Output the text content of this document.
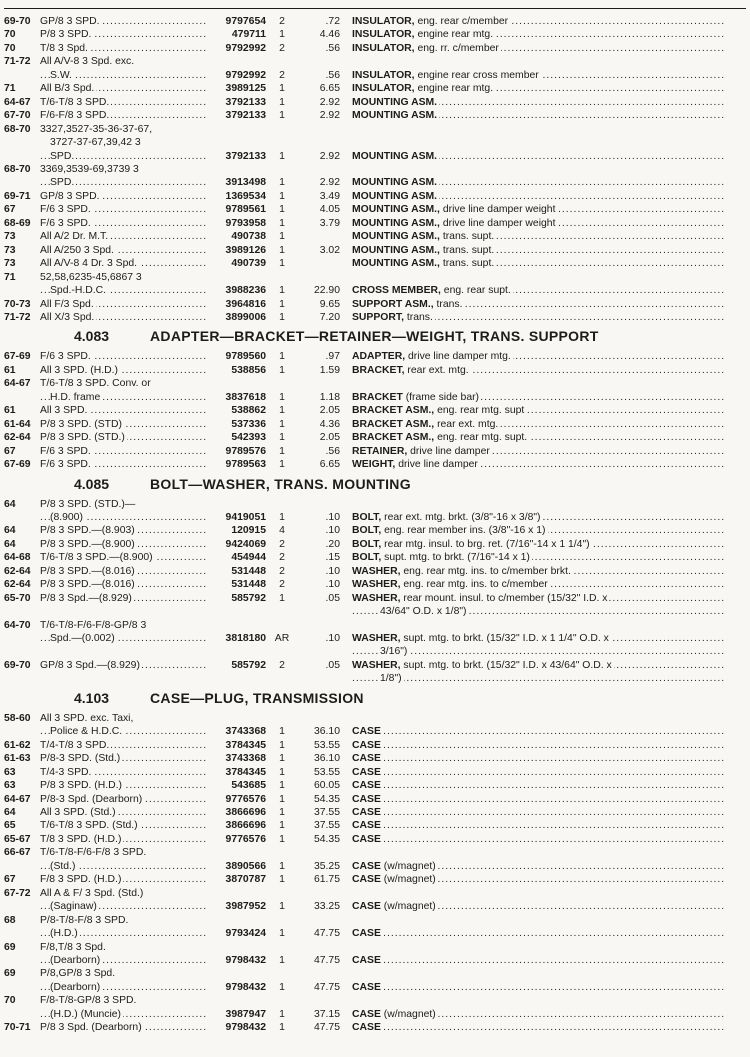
69-70 GP/8 3 SPD. .....	9797654	2	.72	INSULATOR, eng. rear c/member .....
70	P/8 3 SPD. .....	479711	1	4.46	INSULATOR, engine rear mtg. .....
70	T/8 3 Spd. .....	9792992	2	.56	INSULATOR, eng. rr. c/member .....
71-72 All A/V-8 3 Spd. exc.
S.W. .....	9792992	2	.56	INSULATOR, engine rear cross member .....
71	All B/3 Spd. .....	3989125	1	6.65	INSULATOR, engine rear mtg. .....
64-67 T/6-T/8 3 SPD. .....	3792133	1	2.92	MOUNTING ASM. .....
67-70 F/6-F/8 3 SPD. .....	3792133	1	2.92	MOUNTING ASM. .....
68-70 3327,3527-35-36-37-67,
3727-37-67,39,42 3
SPD. .....	3792133	1	2.92	MOUNTING ASM. .....
68-70 3369,3539-69,3739 3
SPD. .....	3913498	1	2.92	MOUNTING ASM. .....
69-71 GP/8 3 SPD. .....	1369534	1	3.49	MOUNTING ASM. .....
67	F/6 3 SPD. .....	9789561	1	4.05	MOUNTING ASM., drive line damper weight .....
68-69 F/6 3 SPD. .....	9793958	1	3.79	MOUNTING ASM., drive line damper weight .....
73	All A/2 Dr. M.T. .....	490738	1	MOUNTING ASM., trans. supt. .....
73	All A/250 3 Spd. .....	3989126	1	3.02	MOUNTING ASM., trans. supt. .....
73	All A/V-8 4 Dr. 3 Spd. .....	490739	1	MOUNTING ASM., trans. supt. .....
71	52,58,6235-45,6867 3
Spd.-H.D.C. .....	3988236	1	22.90	CROSS MEMBER, eng. rear supt. .....
70-73 All F/3 Spd. .....	3964816	1	9.65	SUPPORT ASM., trans. .....
71-72 All X/3 Spd. .....	3899006	1	7.20	SUPPORT, trans. .....
4.083	ADAPTER—BRACKET—RETAINER—WEIGHT, TRANS. SUPPORT
67-69 F/6 3 SPD. .....	9789560	1	.97	ADAPTER, drive line damper mtg. .....
61	All 3 SPD. (H.D.) .....	538856	1	1.59	BRACKET, rear ext. mtg. .....
64-67 T/6-T/8 3 SPD. Conv. or
H.D. frame .....	3837618	1	1.18	BRACKET (frame side bar) .....
61	All 3 SPD. .....	538862	1	2.05	BRACKET ASM., eng. rear mtg. supt .....
61-64 P/8 3 SPD. (STD) .....	537336	1	4.36	BRACKET ASM., rear ext. mtg. .....
62-64 P/8 3 SPD. (STD.) .....	542393	1	2.05	BRACKET ASM., eng. rear mtg. supt. .....
67	F/6 3 SPD. .....	9789576	1	.56	RETAINER, drive line damper .....
67-69 F/6 3 SPD. .....	9789563	1	6.65	WEIGHT, drive line damper .....
4.085	BOLT—WASHER, TRANS. MOUNTING
64	P/8 3 SPD. (STD.)—
(8.900) .....	9419051	1	.10	BOLT, rear ext. mtg. brkt. (3/8"-16 x 3/8") .....
64	P/8 3 SPD.—(8.903) .....	120915	4	.10	BOLT, eng. rear member ins. (3/8"-16 x 1) .....
64	P/8 3 SPD.—(8.900) .....	9424069	2	.20	BOLT, rear mtg. insul. to brg. ret. (7/16"-14 x 1 1/4") .....
64-68 T/6-T/8 3 SPD.—(8.900) .....	454944	2	.15	BOLT, supt. mtg. to brkt. (7/16"-14 x 1) .....
62-64 P/8 3 SPD.—(8.016) .....	531448	2	.10	WASHER, eng. rear mtg. ins. to c/member brkt. .....
62-64 P/8 3 SPD.—(8.016) .....	531448	2	.10	WASHER, eng. rear mtg. ins. to c/member .....
65-70 P/8 3 Spd.—(8.929) .....	585792	1	.05	WASHER, rear mount. insul. to c/member (15/32" I.D. x .....
43/64" O.D. x 1/8") .....
64-70 T/6-T/8-F/6-F/8-GP/8 3
Spd.—(0.002) .....	3818180 AR	.10	WASHER, supt. mtg. to brkt. (15/32" I.D. x 1 1/4" O.D. x .....
3/16") .....
69-70 GP/8 3 Spd.—(8.929) .....	585792	2	.05	WASHER, supt. mtg. to brkt. (15/32" I.D. x 43/64" O.D. x .....
1/8") .....
4.103	CASE—PLUG, TRANSMISSION
58-60 All 3 SPD. exc. Taxi,
Police & H.D.C. .....	3743368	1	36.10	CASE .....
61-62 T/4-T/8 3 SPD. .....	3784345	1	53.55	CASE .....
61-63 P/8-3 SPD. (Std.) .....	3743368	1	36.10	CASE .....
63	T/4-3 SPD. .....	3784345	1	53.55	CASE .....
63	P/8 3 SPD. (H.D.) .....	543685	1	60.05	CASE .....
64-67 P/8-3 Spd. (Dearborn) .....	9776576	1	54.35	CASE .....
64	All 3 SPD. (Std.) .....	3866696	1	37.55	CASE .....
65	T/6-T/8 3 SPD. (Std.) .....	3866696	1	37.55	CASE .....
65-67 T/8 3 SPD. (H.D.) .....	9776576	1	54.35	CASE .....
66-67 T/6-T/8-F/6-F/8 3 SPD.
(Std.) .....	3890566	1	35.25	CASE (w/magnet) .....
67	F/8 3 SPD. (H.D.) .....	3870787	1	61.75	CASE (w/magnet) .....
67-72 All A & F/ 3 Spd. (Std.)
(Saginaw) .....	3987952	1	33.25	CASE (w/magnet) .....
68	P/8-T/8-F/8 3 SPD.
(H.D.) .....	9793424	1	47.75	CASE .....
69	F/8,T/8 3 Spd.
(Dearborn) .....	9798432	1	47.75	CASE .....
69	P/8,GP/8 3 Spd.
(Dearborn) .....	9798432	1	47.75	CASE .....
70	F/8-T/8-GP/8 3 SPD.
(H.D.) (Muncie) .....	3987947	1	37.15	CASE (w/magnet) .....
70-71 P/8 3 Spd. (Dearborn) .....	9798432	1	47.75	CASE .....
